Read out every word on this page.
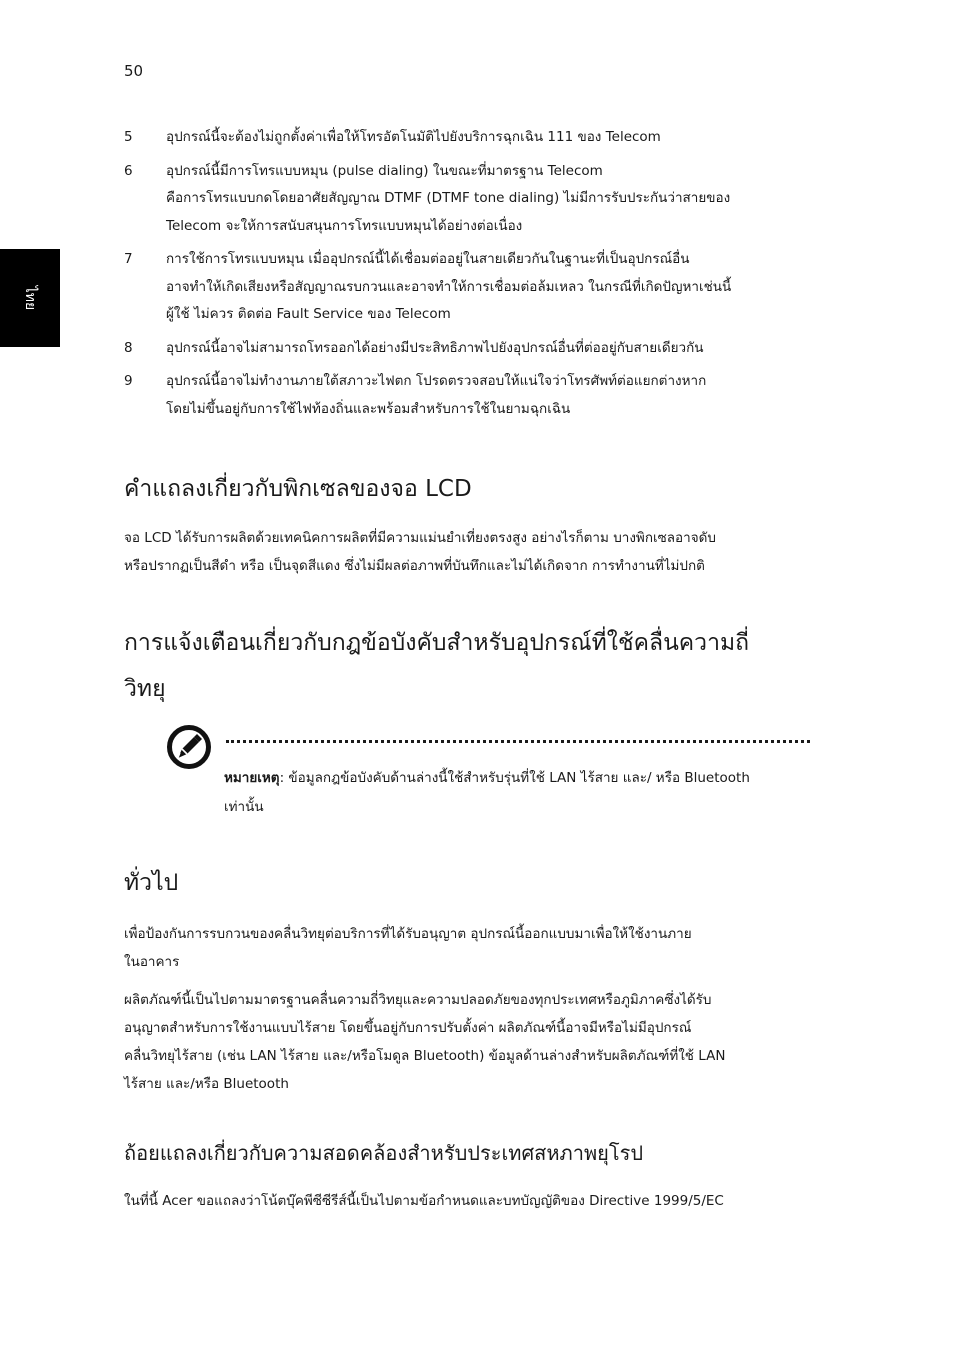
50
ไทย
5	อุปกรณ์นี้จะต้องไม่ถูกตั้งค่าเพื่อให้โทรอัตโนมัติไปยังบริการฉุกเฉิน 111 ของ Telecom
6	อุปกรณ์นี้มีการโทรแบบหมุน (pulse dialing) ในขณะที่มาตรฐาน Telecom
คือการโทรแบบกดโดยอาศัยสัญญาณ DTMF (DTMF tone dialing) ไม่มีการรับประกันว่าสายของ
Telecom จะให้การสนับสนุนการโทรแบบหมุนได้อย่างต่อเนื่อง
7	การใช้การโทรแบบหมุน เมื่ออุปกรณ์นี้ได้เชื่อมต่ออยู่ในสายเดียวกันในฐานะที่เป็นอุปกรณ์อื่น
อาจทำให้เกิดเสียงหรือสัญญาณรบกวนและอาจทำให้การเชื่อมต่อล้มเหลว ในกรณีที่เกิดปัญหาเช่นนี้
ผู้ใช้ ไม่ควร ติดต่อ Fault Service ของ Telecom
8	อุปกรณ์นี้อาจไม่สามารถโทรออกได้อย่างมีประสิทธิภาพไปยังอุปกรณ์อื่นที่ต่ออยู่กับสายเดียวกัน
9	อุปกรณ์นี้อาจไม่ทำงานภายใต้สภาวะไฟตก โปรดตรวจสอบให้แน่ใจว่าโทรศัพท์ต่อแยกต่างหาก
โดยไม่ขึ้นอยู่กับการใช้ไฟท้องถิ่นและพร้อมสำหรับการใช้ในยามฉุกเฉิน
คำแถลงเกี่ยวกับพิกเซลของจอ LCD

จอ LCD ได้รับการผลิตด้วยเทคนิคการผลิตที่มีความแม่นยำเที่ยงตรงสูง อย่างไรก็ตาม บางพิกเซลอาจดับ
หรือปรากฏเป็นสีดำ หรือ เป็นจุดสีแดง ซึ่งไม่มีผลต่อภาพที่บันทึกและไม่ได้เกิดจาก การทำงานที่ไม่ปกติ

การแจ้งเตือนเกี่ยวกับกฎข้อบังคับสำหรับอุปกรณ์ที่ใช้คลื่นความถี่
วิทยุ

หมายเหตุ: ข้อมูลกฎข้อบังคับด้านล่างนี้ใช้สำหรับรุ่นที่ใช้ LAN ไร้สาย และ/ หรือ Bluetooth เท่านั้น

ทั่วไป

เพื่อป้องกันการรบกวนของคลื่นวิทยุต่อบริการที่ได้รับอนุญาต อุปกรณ์นี้ออกแบบมาเพื่อให้ใช้งานภาย
ในอาคาร

ผลิตภัณฑ์นี้เป็นไปตามมาตรฐานคลื่นความถี่วิทยุและความปลอดภัยของทุกประเทศหรือภูมิภาคซึ่งได้รับ
อนุญาตสำหรับการใช้งานแบบไร้สาย โดยขึ้นอยู่กับการปรับตั้งค่า ผลิตภัณฑ์นี้อาจมีหรือไม่มีอุปกรณ์
คลื่นวิทยุไร้สาย (เช่น LAN ไร้สาย และ/หรือโมดูล Bluetooth) ข้อมูลด้านล่างสำหรับผลิตภัณฑ์ที่ใช้ LAN
ไร้สาย และ/หรือ Bluetooth

ถ้อยแถลงเกี่ยวกับความสอดคล้องสำหรับประเทศสหภาพยุโรป

ในที่นี้ Acer ขอแถลงว่าโน้ตบุ๊คพีซีซีรีส์นี้เป็นไปตามข้อกำหนดและบทบัญญัติของ Directive 1999/5/EC
